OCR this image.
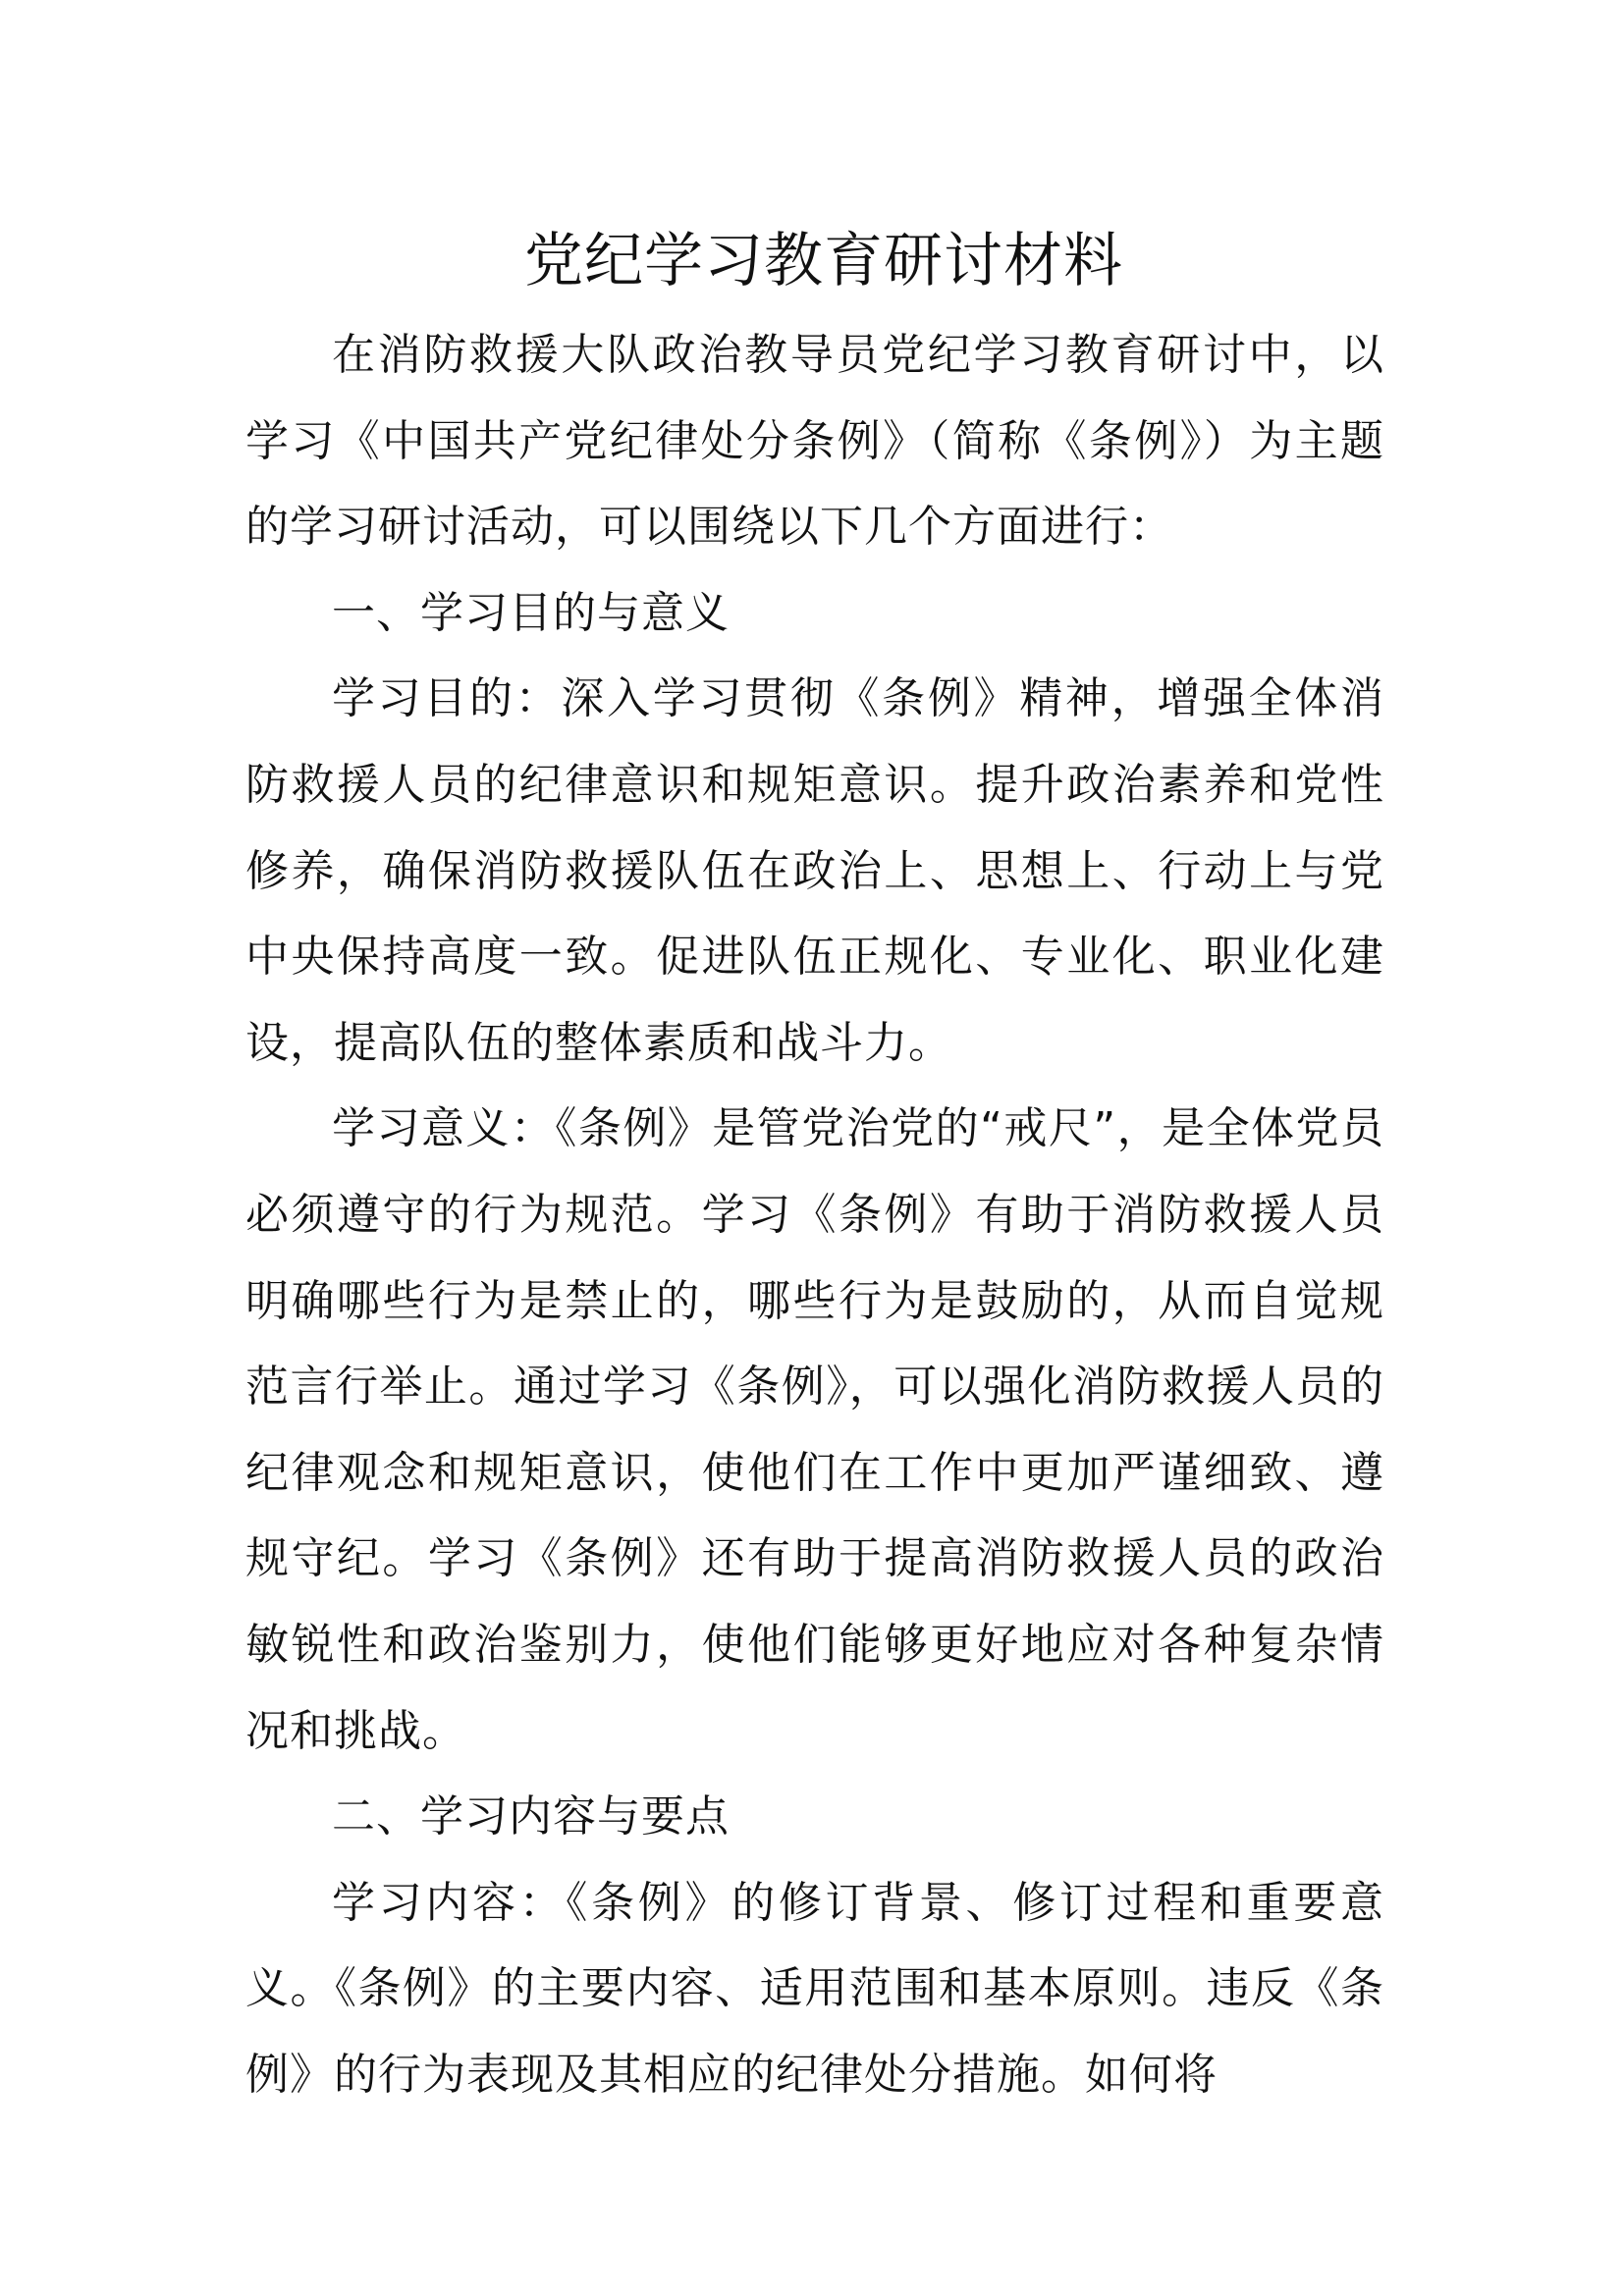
党纪学习教育研讨材料

在消防救援大队政治教导员党纪学习教育研讨中，以学习《中国共产党纪律处分条例》（简称《条例》）为主题的学习研讨活动，可以围绕以下几个方面进行：

一、学习目的与意义

学习目的：深入学习贯彻《条例》精神，增强全体消防救援人员的纪律意识和规矩意识。提升政治素养和党性修养，确保消防救援队伍在政治上、思想上、行动上与党中央保持高度一致。促进队伍正规化、专业化、职业化建设，提高队伍的整体素质和战斗力。

学习意义：《条例》是管党治党的“戒尺”，是全体党员必须遵守的行为规范。学习《条例》有助于消防救援人员明确哪些行为是禁止的，哪些行为是鼓励的，从而自觉规范言行举止。通过学习《条例》，可以强化消防救援人员的纪律观念和规矩意识，使他们在工作中更加严谨细致、遵规守纪。学习《条例》还有助于提高消防救援人员的政治敏锐性和政治鉴别力，使他们能够更好地应对各种复杂情况和挑战。

二、学习内容与要点

学习内容：《条例》的修订背景、修订过程和重要意义。《条例》的主要内容、适用范围和基本原则。违反《条例》的行为表现及其相应的纪律处分措施。如何将
